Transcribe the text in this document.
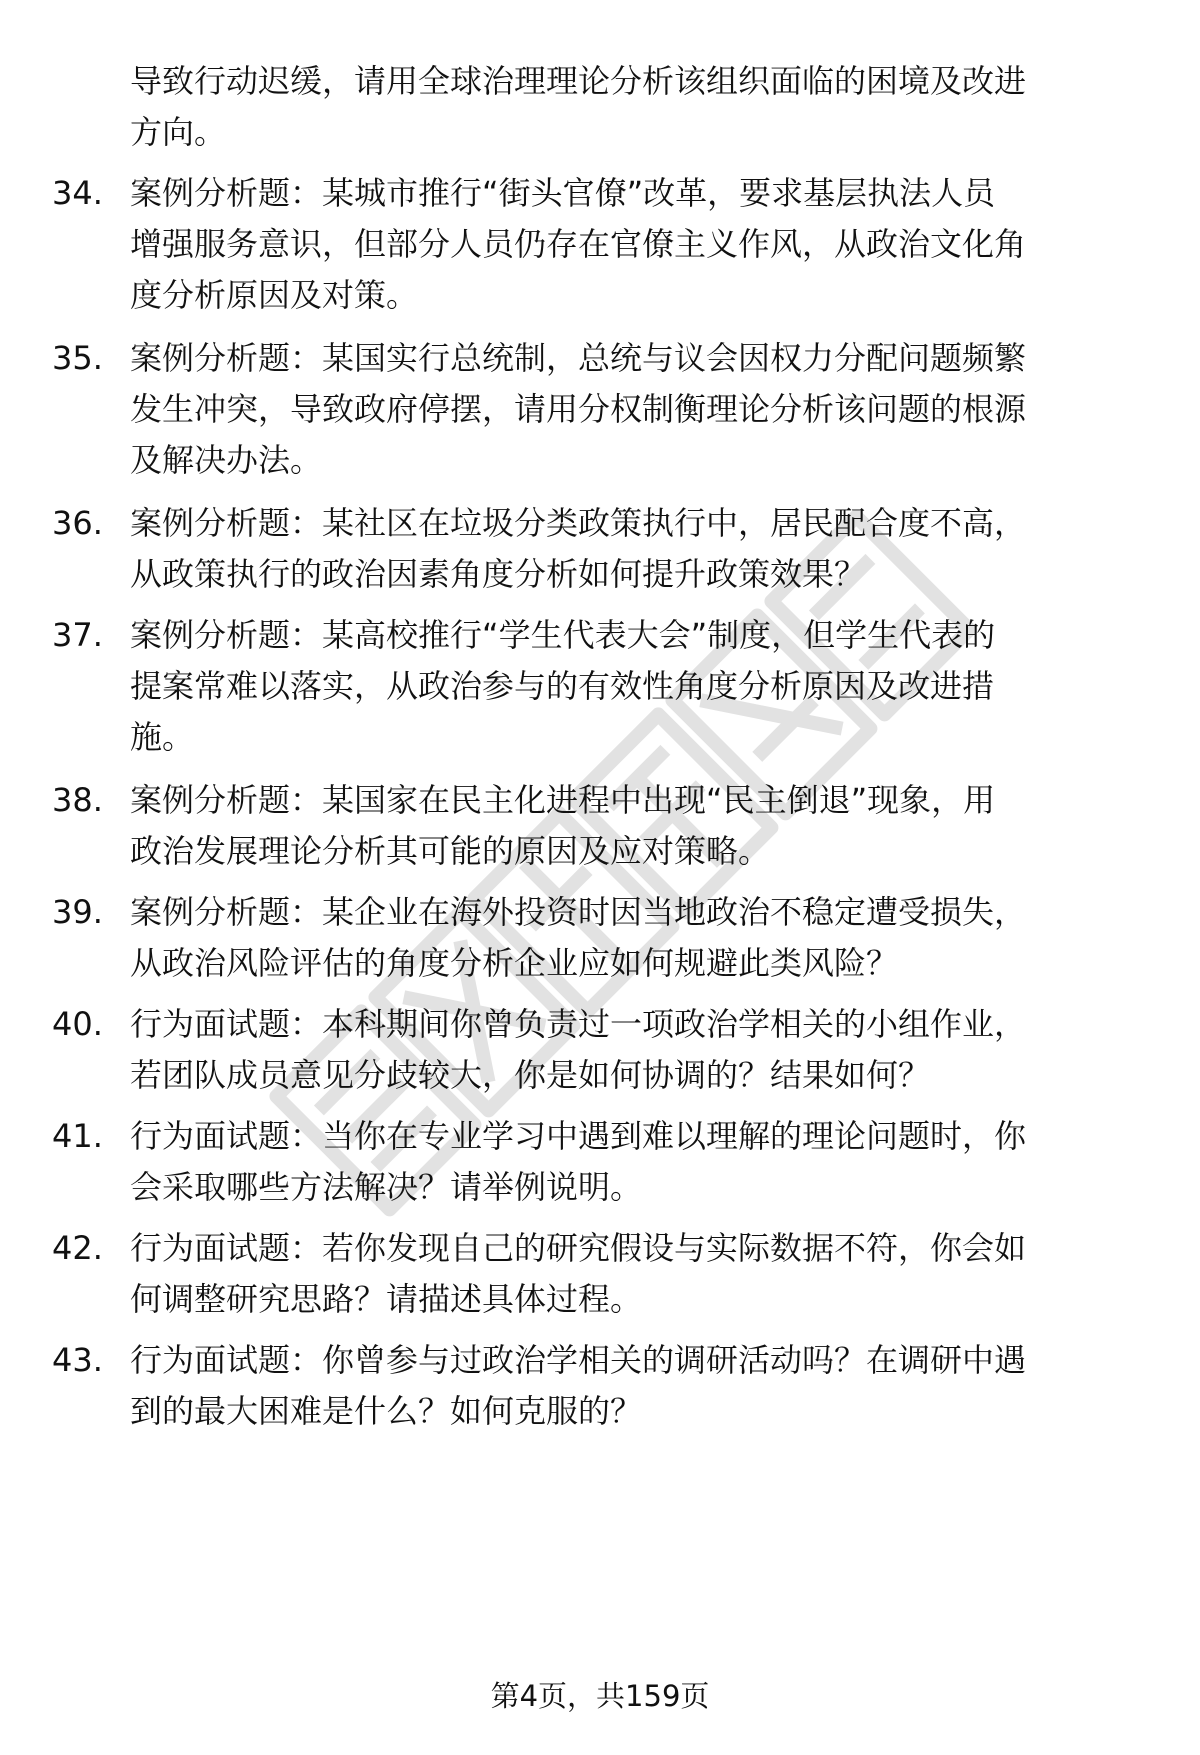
导致行动迟缓，请用全球治理理论分析该组织面临的困境及改进
方向。
34. 案例分析题：某城市推行“街头官僚”改革，要求基层执法人员
增强服务意识，但部分人员仍存在官僚主义作风，从政治文化角
度分析原因及对策。
35. 案例分析题：某国实行总统制，总统与议会因权力分配问题频繁
发生冲突，导致政府停摆，请用分权制衡理论分析该问题的根源
及解决办法。
36. 案例分析题：某社区在垃圾分类政策执行中，居民配合度不高，
从政策执行的政治因素角度分析如何提升政策效果？
37. 案例分析题：某高校推行“学生代表大会”制度，但学生代表的
提案常难以落实，从政治参与的有效性角度分析原因及改进措
施。
38. 案例分析题：某国家在民主化进程中出现“民主倒退”现象，用
政治发展理论分析其可能的原因及应对策略。
39. 案例分析题：某企业在海外投资时因当地政治不稳定遭受损失，
从政治风险评估的角度分析企业应如何规避此类风险？
40. 行为面试题：本科期间你曾负责过一项政治学相关的小组作业，
若团队成员意见分歧较大，你是如何协调的？结果如何？
41. 行为面试题：当你在专业学习中遇到难以理解的理论问题时，你
会采取哪些方法解决？请举例说明。
42. 行为面试题：若你发现自己的研究假设与实际数据不符，你会如
何调整研究思路？请描述具体过程。
43. 行为面试题：你曾参与过政治学相关的调研活动吗？在调研中遇
到的最大困难是什么？如何克服的？
第4页，共159页
